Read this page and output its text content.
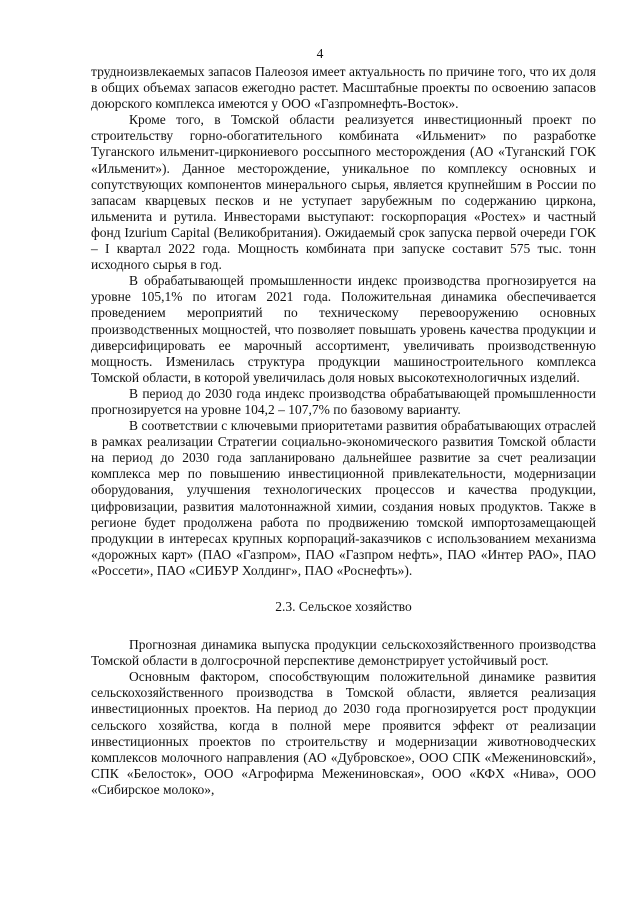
4

трудноизвлекаемых запасов Палеозоя имеет актуальность по причине того, что их доля в общих объемах запасов ежегодно растет. Масштабные проекты по освоению запасов доюрского комплекса имеются у ООО «Газпромнефть-Восток».

Кроме того, в Томской области реализуется инвестиционный проект по строительству горно-обогатительного комбината «Ильменит» по разработке Туганского ильменит-циркониевого россыпного месторождения (АО «Туганский ГОК «Ильменит»). Данное месторождение, уникальное по комплексу основных и сопутствующих компонентов минерального сырья, является крупнейшим в России по запасам кварцевых песков и не уступает зарубежным по содержанию циркона, ильменита и рутила. Инвесторами выступают: госкорпорация «Ростех» и частный фонд Izurium Capital (Великобритания). Ожидаемый срок запуска первой очереди ГОК – I квартал 2022 года. Мощность комбината при запуске составит 575 тыс. тонн исходного сырья в год.

В обрабатывающей промышленности индекс производства прогнозируется на уровне 105,1% по итогам 2021 года. Положительная динамика обеспечивается проведением мероприятий по техническому перевооружению основных производственных мощностей, что позволяет повышать уровень качества продукции и диверсифицировать ее марочный ассортимент, увеличивать производственную мощность. Изменилась структура продукции машиностроительного комплекса Томской области, в которой увеличилась доля новых высокотехнологичных изделий.

В период до 2030 года индекс производства обрабатывающей промышленности прогнозируется на уровне 104,2 – 107,7% по базовому варианту.

В соответствии с ключевыми приоритетами развития обрабатывающих отраслей в рамках реализации Стратегии социально-экономического развития Томской области на период до 2030 года запланировано дальнейшее развитие за счет реализации комплекса мер по повышению инвестиционной привлекательности, модернизации оборудования, улучшения технологических процессов и качества продукции, цифровизации, развития малотоннажной химии, создания новых продуктов. Также в регионе будет продолжена работа по продвижению томской импортозамещающей продукции в интересах крупных корпораций-заказчиков с использованием механизма «дорожных карт» (ПАО «Газпром», ПАО «Газпром нефть», ПАО «Интер РАО», ПАО «Россети», ПАО «СИБУР Холдинг», ПАО «Роснефть»).

2.3. Сельское хозяйство

Прогнозная динамика выпуска продукции сельскохозяйственного производства Томской области в долгосрочной перспективе демонстрирует устойчивый рост.

Основным фактором, способствующим положительной динамике развития сельскохозяйственного производства в Томской области, является реализация инвестиционных проектов. На период до 2030 года прогнозируется рост продукции сельского хозяйства, когда в полной мере проявится эффект от реализации инвестиционных проектов по строительству и модернизации животноводческих комплексов молочного направления (АО «Дубровское», ООО СПК «Межениновский», СПК «Белосток», ООО «Агрофирма Межениновская», ООО «КФХ «Нива», ООО «Сибирское молоко»,
